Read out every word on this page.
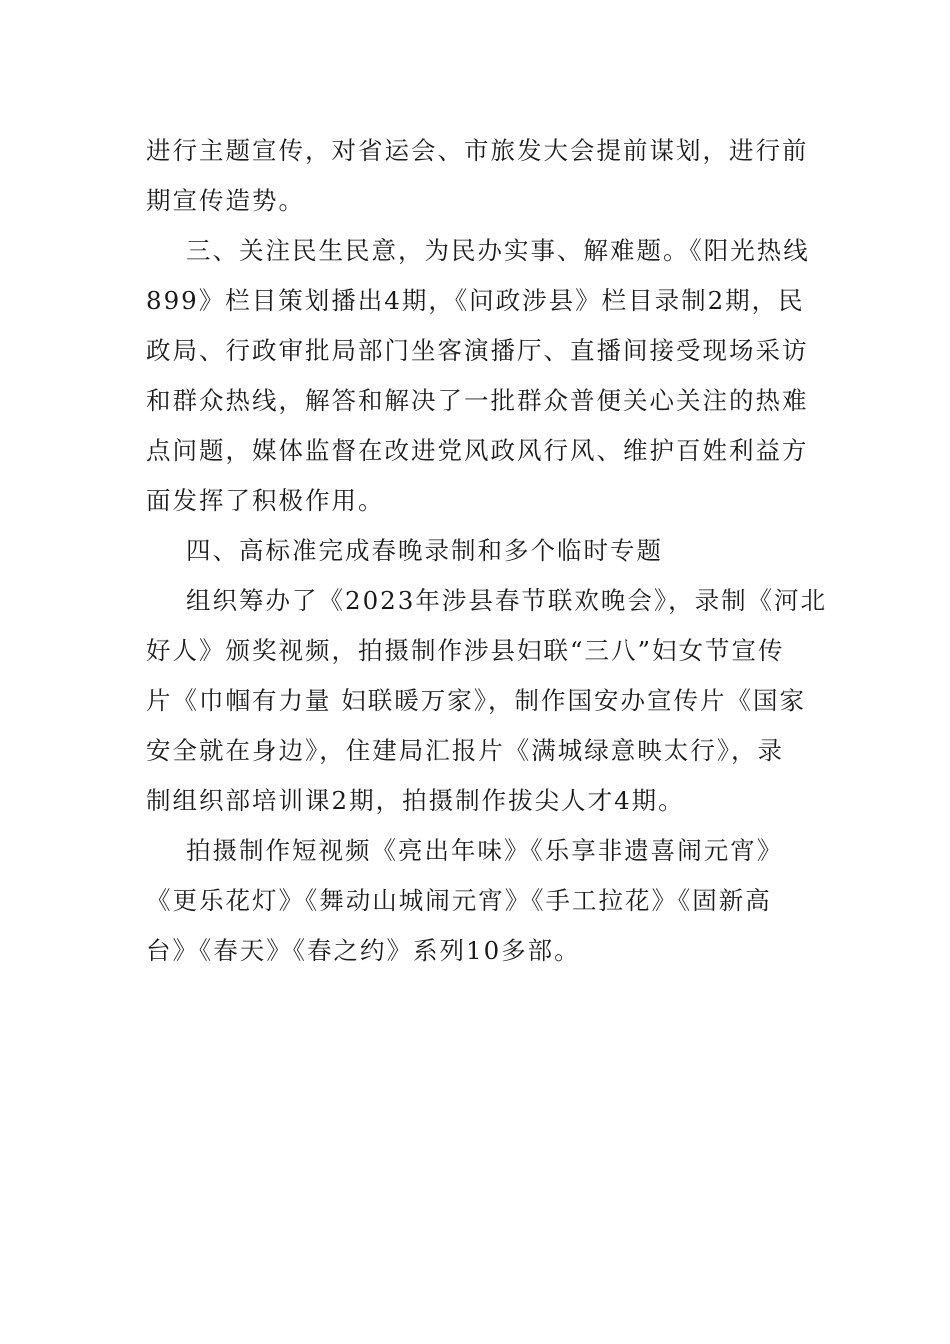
进行主题宣传，对省运会、市旅发大会提前谋划，进行前
期宣传造势。
三、关注民生民意，为民办实事、解难题。《阳光热线
899》栏目策划播出4期，《问政涉县》栏目录制2期，民
政局、行政审批局部门坐客演播厅、直播间接受现场采访
和群众热线，解答和解决了一批群众普便关心关注的热难
点问题，媒体监督在改进党风政风行风、维护百姓利益方
面发挥了积极作用。
四、高标准完成春晚录制和多个临时专题
组织筹办了《2023年涉县春节联欢晚会》，录制《河北
好人》颁奖视频，拍摄制作涉县妇联“三八”妇女节宣传
片《巾帼有力量 妇联暖万家》，制作国安办宣传片《国家
安全就在身边》，住建局汇报片《满城绿意映太行》，录
制组织部培训课2期，拍摄制作拔尖人才4期。
拍摄制作短视频《亮出年味》《乐享非遗喜闹元宵》
《更乐花灯》《舞动山城闹元宵》《手工拉花》《固新高
台》《春天》《春之约》系列10多部。
